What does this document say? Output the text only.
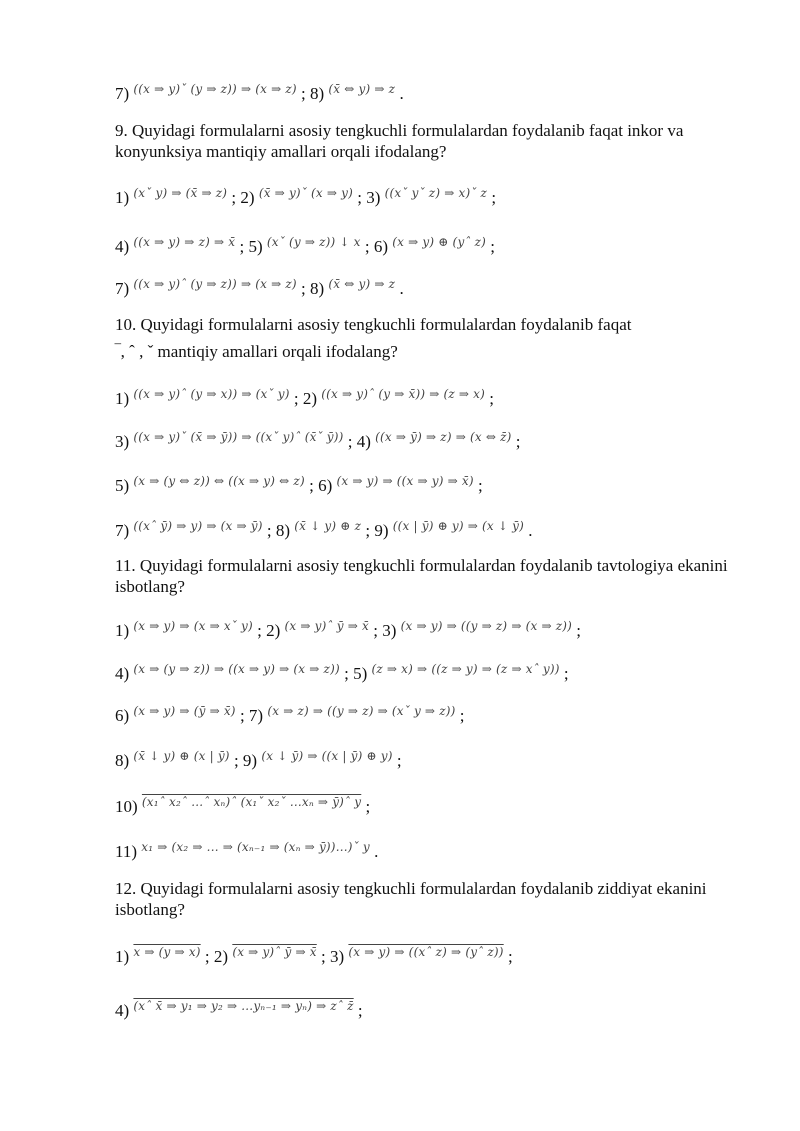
7) $^{((x \Rightarrow y)ˇ (y \Rightarrow z)) \Rightarrow (x \Rightarrow z)}$ ; 8) $^{(x̄ \Leftrightarrow y) \Rightarrow z}$ .
9. Quyidagi formulalarni asosiy tengkuchli formulalardan foydalanib faqat inkor va konyunksiya mantiqiy amallari orqali ifodalang?
1) $^{(xˇ y) \Rightarrow (x̄ \Rightarrow z)}$ ; 2) $^{(x̄ \Rightarrow y)ˇ (x \Rightarrow y)}$ ; 3) $^{((xˇ yˇ z) \Rightarrow x)ˇ z}$ ;
4) $^{((x \Rightarrow y) \Rightarrow z) \Rightarrow x̄}$ ; 5) $^{(xˇ (y \Rightarrow z)) ↓ x}$ ; 6) $^{(x \Rightarrow y) \oplus (yˆ z)}$ ;
7) $^{((x \Rightarrow y)ˆ (y \Rightarrow z)) \Rightarrow (x \Rightarrow z)}$ ; 8) $^{(x̄ \Leftrightarrow y) \Rightarrow z}$ .
10. Quyidagi formulalarni asosiy tengkuchli formulalardan foydalanib faqat
‾, ˆ , ˇ mantiqiy amallari orqali ifodalang?
1) $^{((x \Rightarrow y)ˆ (y \Rightarrow x)) \Rightarrow (xˇ y)}$ ; 2) $^{((x \Rightarrow y)ˆ (y \Rightarrow x̄)) \Rightarrow (z \Rightarrow x)}$ ;
3) $^{((x \Rightarrow y)ˇ (x̄ \Rightarrow ȳ)) \Rightarrow ((xˇ y)ˆ (x̄ˇ ȳ))}$ ; 4) $^{((x \Rightarrow ȳ) \Rightarrow z) \Rightarrow (x \Leftrightarrow z̄)}$ ;
5) $^{(x \Rightarrow (y \Leftrightarrow z)) \Leftrightarrow ((x \Rightarrow y) \Leftrightarrow z)}$ ; 6) $^{(x \Rightarrow y) \Rightarrow ((x \Rightarrow y) \Rightarrow x̄)}$ ;
7) $^{((xˆ ȳ) \Rightarrow y) \Rightarrow (x \Rightarrow ȳ)}$ ; 8) $^{(x̄ ↓ y) \oplus z}$ ; 9) $^{((x | ȳ) \oplus y) \Rightarrow (x ↓ ȳ)}$ .
11. Quyidagi formulalarni asosiy tengkuchli formulalardan foydalanib tavtologiya ekanini isbotlang?
1) $^{(x \Rightarrow y) \Rightarrow (x \Rightarrow xˇ y)}$ ; 2) $^{(x \Rightarrow y)ˆ ȳ \Rightarrow x̄}$ ; 3) $^{(x \Rightarrow y) \Rightarrow ((y \Rightarrow z) \Rightarrow (x \Rightarrow z))}$ ;
4) $^{(x \Rightarrow (y \Rightarrow z)) \Rightarrow ((x \Rightarrow y) \Rightarrow (x \Rightarrow z))}$ ; 5) $^{(z \Rightarrow x) \Rightarrow ((z \Rightarrow y) \Rightarrow (z \Rightarrow xˆ y))}$ ;
6) $^{(x \Rightarrow y) \Rightarrow (ȳ \Rightarrow x̄)}$ ; 7) $^{(x \Rightarrow z) \Rightarrow ((y \Rightarrow z) \Rightarrow (xˇ y \Rightarrow z))}$ ;
8) $^{(x̄ ↓ y) \oplus (x | ȳ)}$ ; 9) $^{(x ↓ ȳ) \Rightarrow ((x | ȳ) \oplus y)}$ ;
10) $^{(x_1ˆ x_2ˆ ...ˆ x_n)ˆ (x_1ˇ x_2ˇ ...x_n \Rightarrow ȳ)ˆ y}$ ;
11) $^{x_1 \Rightarrow (x_2 \Rightarrow ... \Rightarrow (x_{n-1} \Rightarrow (x_n \Rightarrow ȳ))...)ˇ y}$ .
12. Quyidagi formulalarni asosiy tengkuchli formulalardan foydalanib ziddiyat ekanini isbotlang?
1) $^{x \Rightarrow (y \Rightarrow x)}$ ; 2) $^{(x \Rightarrow y)ˆ ȳ \Rightarrow x̄}$ ; 3) $^{(x \Rightarrow y) \Rightarrow ((xˆ z) \Rightarrow (yˆ z))}$ ;
4) $^{(xˆ x̄ \Rightarrow y_1 \Rightarrow y_2 \Rightarrow ...y_{n-1} \Rightarrow y_n) \Rightarrow zˆ z̄}$ ;
